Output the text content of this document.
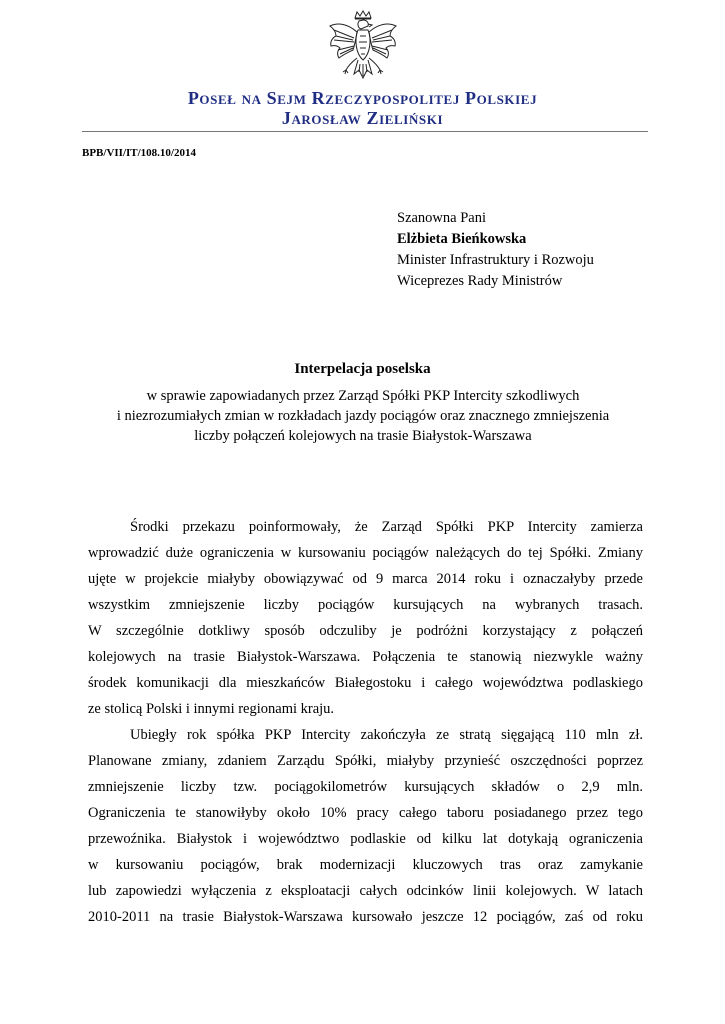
Poseł na Sejm Rzeczypospolitej Polskiej
Jarosław Zieliński
BPB/VII/IT/108.10/2014
Szanowna Pani
Elżbieta Bieńkowska
Minister Infrastruktury i Rozwoju
Wiceprezes Rady Ministrów
Interpelacja poselska
w sprawie zapowiadanych przez Zarząd Spółki PKP Intercity szkodliwych
i niezrozumiałych zmian w rozkładach jazdy pociągów oraz znacznego zmniejszenia
liczby połączeń kolejowych na trasie Białystok-Warszawa
Środki przekazu poinformowały, że Zarząd Spółki PKP Intercity zamierza
wprowadzić duże ograniczenia w kursowaniu pociągów należących do tej Spółki. Zmiany
ujęte w projekcie miałyby obowiązywać od 9 marca 2014 roku i oznaczałyby przede
wszystkim zmniejszenie liczby pociągów kursujących na wybranych trasach.
W szczególnie dotkliwy sposób odczuliby je podróżni korzystający z połączeń
kolejowych na trasie Białystok-Warszawa. Połączenia te stanowią niezwykle ważny
środek komunikacji dla mieszkańców Białegostoku i całego województwa podlaskiego
ze stolicą Polski i innymi regionami kraju.
Ubiegły rok spółka PKP Intercity zakończyła ze stratą sięgającą 110 mln zł.
Planowane zmiany, zdaniem Zarządu Spółki, miałyby przynieść oszczędności poprzez
zmniejszenie liczby tzw. pociągokilometrów kursujących składów o 2,9 mln.
Ograniczenia te stanowiłyby około 10% pracy całego taboru posiadanego przez tego
przewoźnika. Białystok i województwo podlaskie od kilku lat dotykają ograniczenia
w kursowaniu pociągów, brak modernizacji kluczowych tras oraz zamykanie
lub zapowiedzi wyłączenia z eksploatacji całych odcinków linii kolejowych. W latach
2010-2011 na trasie Białystok-Warszawa kursowało jeszcze 12 pociągów, zaś od roku
